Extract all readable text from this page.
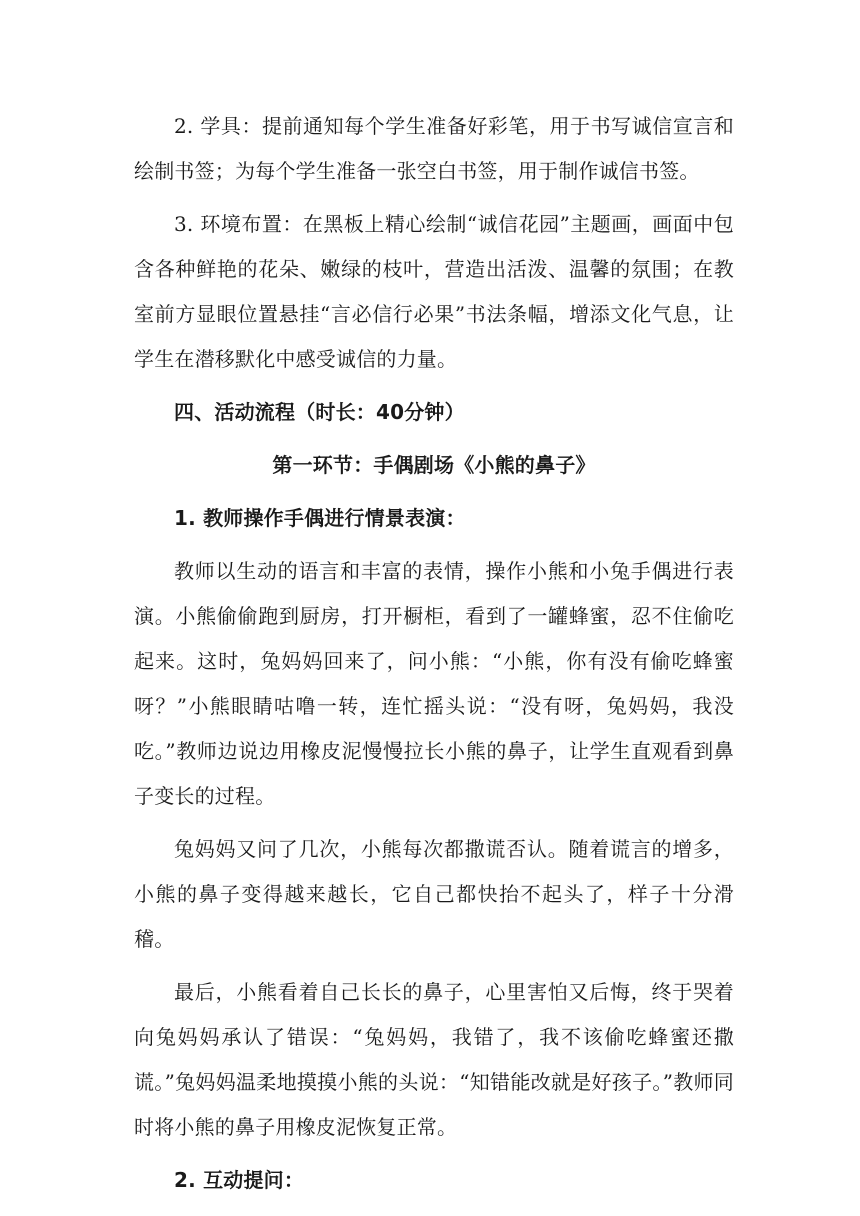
2. 学具：提前通知每个学生准备好彩笔，用于书写诚信宣言和绘制书签；为每个学生准备一张空白书签，用于制作诚信书签。

3. 环境布置：在黑板上精心绘制“诚信花园”主题画，画面中包含各种鲜艳的花朵、嫩绿的枝叶，营造出活泼、温馨的氛围；在教室前方显眼位置悬挂“言必信行必果”书法条幅，增添文化气息，让学生在潜移默化中感受诚信的力量。

四、活动流程（时长：40分钟）

第一环节：手偶剧场《小熊的鼻子》

1. 教师操作手偶进行情景表演：

教师以生动的语言和丰富的表情，操作小熊和小兔手偶进行表演。小熊偷偷跑到厨房，打开橱柜，看到了一罐蜂蜜，忍不住偷吃起来。这时，兔妈妈回来了，问小熊：“小熊，你有没有偷吃蜂蜜呀？”小熊眼睛咕噜一转，连忙摇头说：“没有呀，兔妈妈，我没吃。”教师边说边用橡皮泥慢慢拉长小熊的鼻子，让学生直观看到鼻子变长的过程。

兔妈妈又问了几次，小熊每次都撒谎否认。随着谎言的增多，小熊的鼻子变得越来越长，它自己都快抬不起头了，样子十分滑稽。

最后，小熊看着自己长长的鼻子，心里害怕又后悔，终于哭着向兔妈妈承认了错误：“兔妈妈，我错了，我不该偷吃蜂蜜还撒谎。”兔妈妈温柔地摸摸小熊的头说：“知错能改就是好孩子。”教师同时将小熊的鼻子用橡皮泥恢复正常。

2. 互动提问：
